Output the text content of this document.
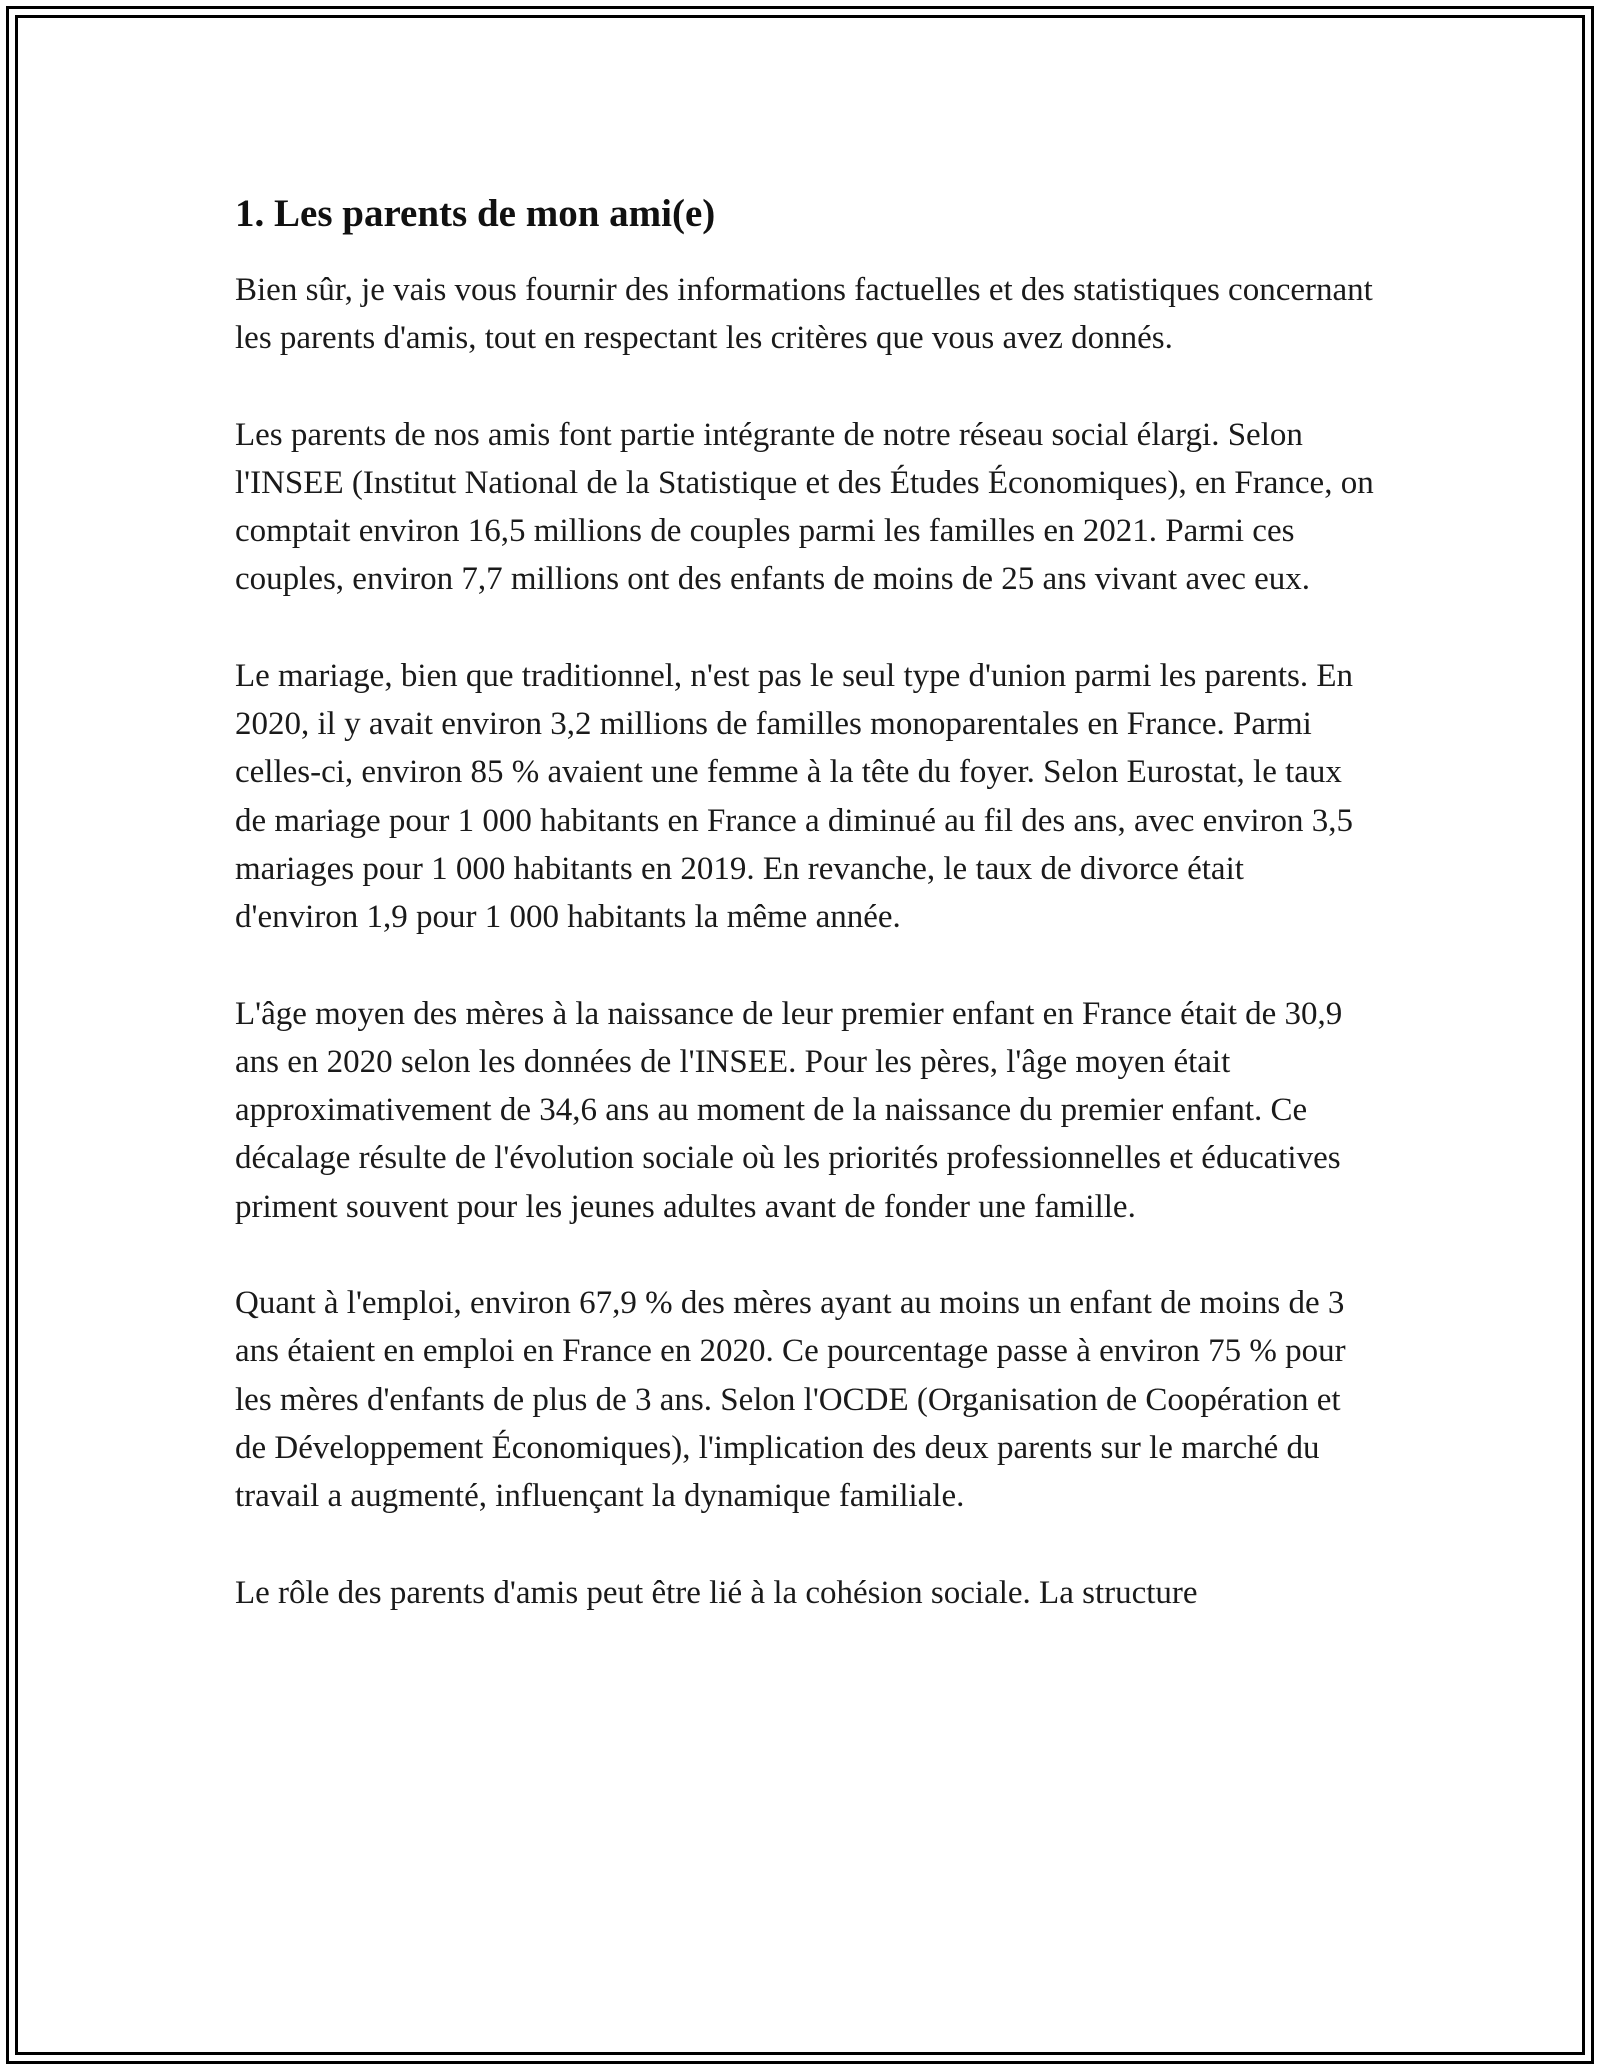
1. Les parents de mon ami(e)

Bien sûr, je vais vous fournir des informations factuelles et des statistiques concernant les parents d'amis, tout en respectant les critères que vous avez donnés.

Les parents de nos amis font partie intégrante de notre réseau social élargi. Selon l'INSEE (Institut National de la Statistique et des Études Économiques), en France, on comptait environ 16,5 millions de couples parmi les familles en 2021. Parmi ces couples, environ 7,7 millions ont des enfants de moins de 25 ans vivant avec eux.

Le mariage, bien que traditionnel, n'est pas le seul type d'union parmi les parents. En 2020, il y avait environ 3,2 millions de familles monoparentales en France. Parmi celles-ci, environ 85 % avaient une femme à la tête du foyer. Selon Eurostat, le taux de mariage pour 1 000 habitants en France a diminué au fil des ans, avec environ 3,5 mariages pour 1 000 habitants en 2019. En revanche, le taux de divorce était d'environ 1,9 pour 1 000 habitants la même année.

L'âge moyen des mères à la naissance de leur premier enfant en France était de 30,9 ans en 2020 selon les données de l'INSEE. Pour les pères, l'âge moyen était approximativement de 34,6 ans au moment de la naissance du premier enfant. Ce décalage résulte de l'évolution sociale où les priorités professionnelles et éducatives priment souvent pour les jeunes adultes avant de fonder une famille.

Quant à l'emploi, environ 67,9 % des mères ayant au moins un enfant de moins de 3 ans étaient en emploi en France en 2020. Ce pourcentage passe à environ 75 % pour les mères d'enfants de plus de 3 ans. Selon l'OCDE (Organisation de Coopération et de Développement Économiques), l'implication des deux parents sur le marché du travail a augmenté, influençant la dynamique familiale.

Le rôle des parents d'amis peut être lié à la cohésion sociale. La structure
